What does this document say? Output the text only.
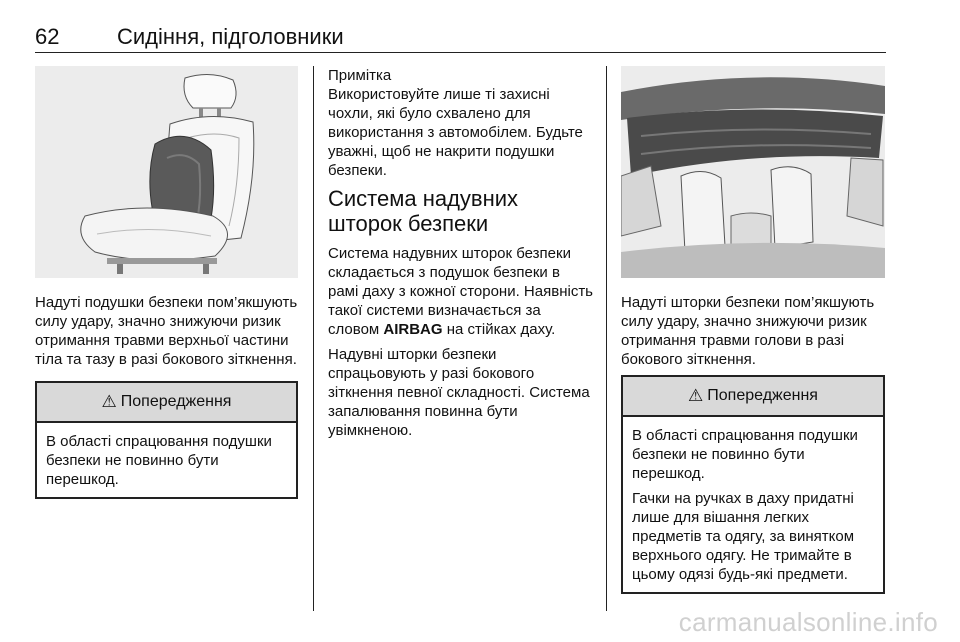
62	Сидіння, підголовники

Надуті подушки безпеки пом’якшують силу удару, значно знижуючи ризик отримання травми верхньої частини тіла та тазу в разі бокового зіткнення.

⚠ Попередження

В області спрацювання подушки безпеки не повинно бути перешкод.

Примітка

Використовуйте лише ті захисні чохли, які було схвалено для використання з автомобілем. Будьте уважні, щоб не накрити подушки безпеки.

Система надувних шторок безпеки

Система надувних шторок безпеки складається з подушок безпеки в рамі даху з кожної сторони. Наявність такої системи визначається за словом AIRBAG на стійках даху.

Надувні шторки безпеки спрацьовують у разі бокового зіткнення певної складності. Система запалювання повинна бути увімкненою.

Надуті шторки безпеки пом’якшують силу удару, значно знижуючи ризик отримання травми голови в разі бокового зіткнення.

⚠ Попередження

В області спрацювання подушки безпеки не повинно бути перешкод.

Гачки на ручках в даху придатні лише для вішання легких предметів та одягу, за винятком верхнього одягу. Не тримайте в цьому одязі будь-які предмети.

carmanualsonline.info
